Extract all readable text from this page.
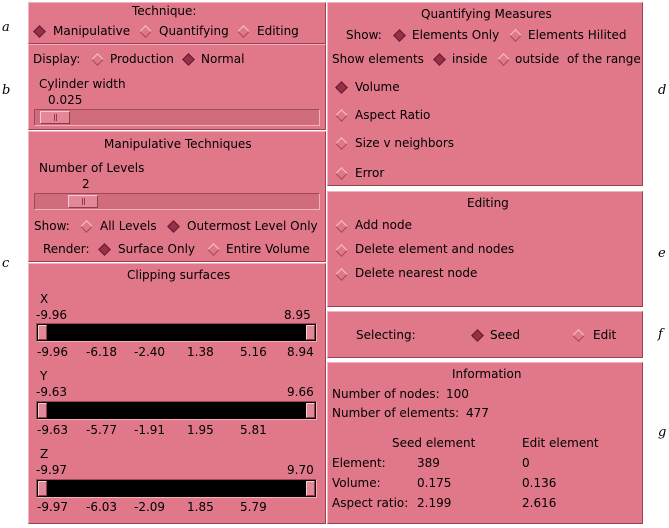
a
b
c
d
e
f
g
Technique:
Manipulative Quantifying Editing
Display: Production Normal
Cylinder width
0.025
Manipulative Techniques
Number of Levels
2
Show:	All Levels	Outermost Level Only
Render: Surface Only	Entire Volume
Clipping surfaces
X
-9.96	8.95
-9.96 -6.18 -2.40 1.38 5.16 8.94
Y
-9.63	9.66
-9.63 -5.77 -1.91 1.95 5.81
Z
-9.97	9.70
-9.97 -6.03 -2.09 1.85 5.79
Quantifying Measures
Show:	Elements Only Elements Hilited
Show elements inside outside of the range
Volume
Aspect Ratio
Size v neighbors
Error
Editing
Add node
Delete element and nodes
Delete nearest node
Selecting:	Seed	Edit
Information
Number of nodes: 100
Number of elements: 477
Seed element	Edit element
Element:	389	0
Volume:	0.175	0.136
Aspect ratio: 2.199	2.616
